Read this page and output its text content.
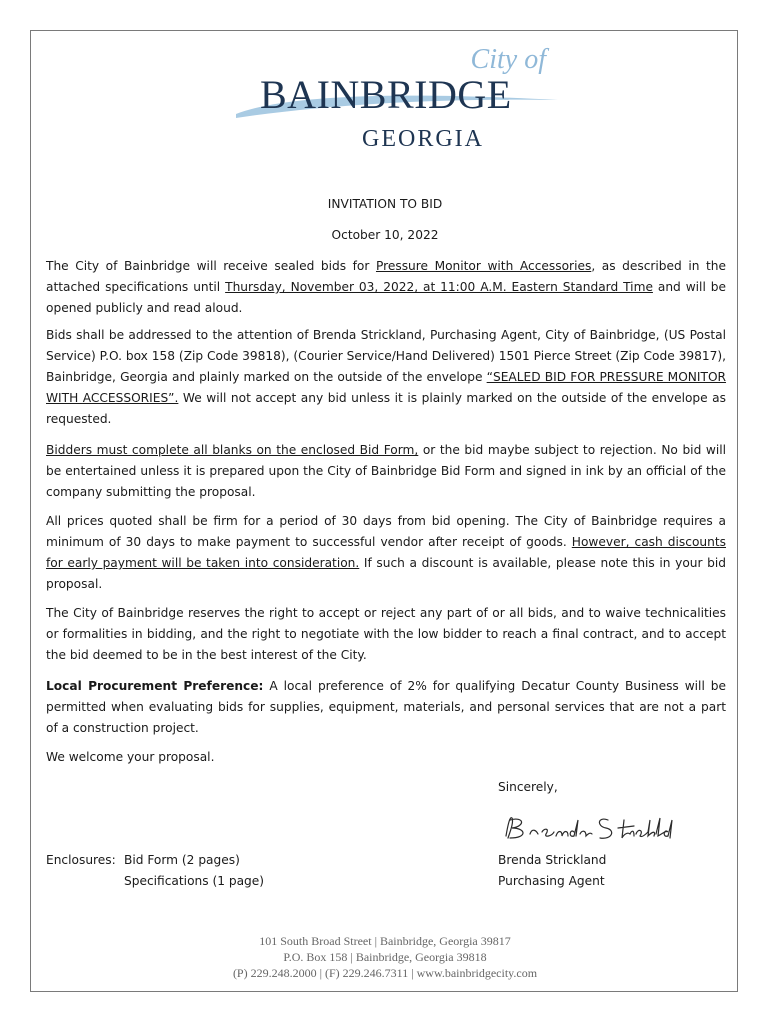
City of
BAINBRIDGE
GEORGIA
INVITATION TO BID
October 10, 2022
The City of Bainbridge will receive sealed bids for Pressure Monitor with Accessories, as described in the attached specifications until Thursday, November 03, 2022, at 11:00 A.M. Eastern Standard Time and will be opened publicly and read aloud.
Bids shall be addressed to the attention of Brenda Strickland, Purchasing Agent, City of Bainbridge, (US Postal Service) P.O. box 158 (Zip Code 39818), (Courier Service/Hand Delivered) 1501 Pierce Street (Zip Code 39817), Bainbridge, Georgia and plainly marked on the outside of the envelope “SEALED BID FOR PRESSURE MONITOR WITH ACCESSORIES”. We will not accept any bid unless it is plainly marked on the outside of the envelope as requested.
Bidders must complete all blanks on the enclosed Bid Form, or the bid maybe subject to rejection. No bid will be entertained unless it is prepared upon the City of Bainbridge Bid Form and signed in ink by an official of the company submitting the proposal.
All prices quoted shall be firm for a period of 30 days from bid opening. The City of Bainbridge requires a minimum of 30 days to make payment to successful vendor after receipt of goods. However, cash discounts for early payment will be taken into consideration. If such a discount is available, please note this in your bid proposal.
The City of Bainbridge reserves the right to accept or reject any part of or all bids, and to waive technicalities or formalities in bidding, and the right to negotiate with the low bidder to reach a final contract, and to accept the bid deemed to be in the best interest of the City.
Local Procurement Preference: A local preference of 2% for qualifying Decatur County Business will be permitted when evaluating bids for supplies, equipment, materials, and personal services that are not a part of a construction project.
We welcome your proposal.
Sincerely,
Brenda Strickland
Purchasing Agent
Enclosures: Bid Form (2 pages)
Specifications (1 page)
101 South Broad Street | Bainbridge, Georgia 39817
P.O. Box 158 | Bainbridge, Georgia 39818
(P) 229.248.2000 | (F) 229.246.7311 | www.bainbridgecity.com
